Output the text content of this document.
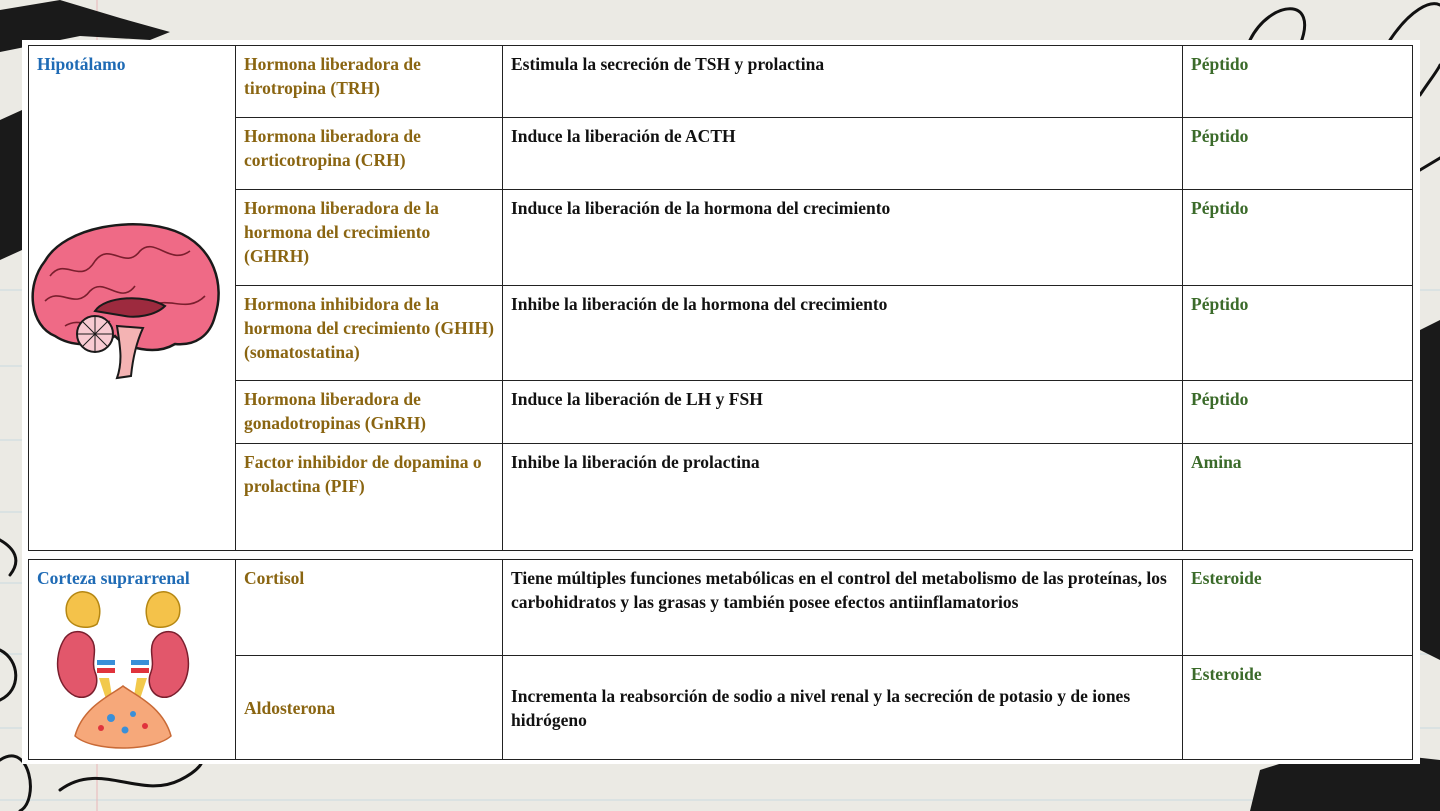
Hipotálamo	Hormona liberadora de tirotropina (TRH)	Estimula la secreción de TSH y prolactina	Péptido
	Hormona liberadora de corticotropina (CRH)	Induce la liberación de ACTH	Péptido
	Hormona liberadora de la hormona del crecimiento (GHRH)	Induce la liberación de la hormona del crecimiento	Péptido
	Hormona inhibidora de la hormona del crecimiento (GHIH) (somatostatina)	Inhibe la liberación de la hormona del crecimiento	Péptido
	Hormona liberadora de gonadotropinas (GnRH)	Induce la liberación de LH y FSH	Péptido
	Factor inhibidor de dopamina o prolactina (PIF)	Inhibe la liberación de prolactina	Amina
Corteza suprarrenal	Cortisol	Tiene múltiples funciones metabólicas en el control del metabolismo de las proteínas, los carbohidratos y las grasas y también posee efectos antiinflamatorios	Esteroide
	Aldosterona	Incrementa la reabsorción de sodio a nivel renal y la secreción de potasio y de iones hidrógeno	Esteroide
